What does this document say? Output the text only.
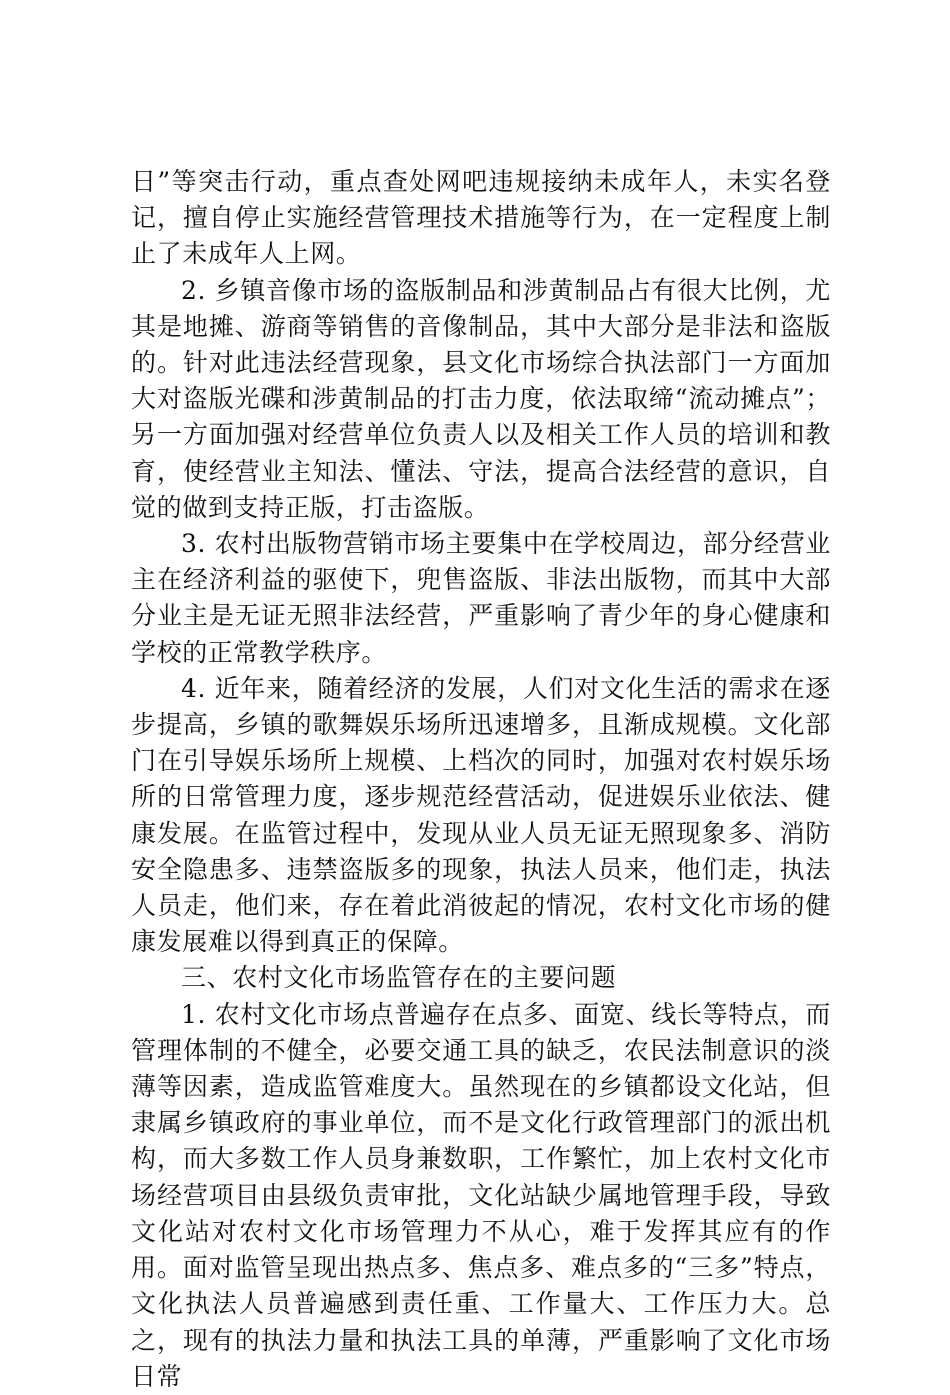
日”等突击行动，重点查处网吧违规接纳未成年人，未实名登记，擅自停止实施经营管理技术措施等行为，在一定程度上制止了未成年人上网。

2. 乡镇音像市场的盗版制品和涉黄制品占有很大比例，尤其是地摊、游商等销售的音像制品，其中大部分是非法和盗版的。针对此违法经营现象，县文化市场综合执法部门一方面加大对盗版光碟和涉黄制品的打击力度，依法取缔“流动摊点”；另一方面加强对经营单位负责人以及相关工作人员的培训和教育，使经营业主知法、懂法、守法，提高合法经营的意识，自觉的做到支持正版，打击盗版。

3. 农村出版物营销市场主要集中在学校周边，部分经营业主在经济利益的驱使下，兜售盗版、非法出版物，而其中大部分业主是无证无照非法经营，严重影响了青少年的身心健康和学校的正常教学秩序。

4. 近年来，随着经济的发展，人们对文化生活的需求在逐步提高，乡镇的歌舞娱乐场所迅速增多，且渐成规模。文化部门在引导娱乐场所上规模、上档次的同时，加强对农村娱乐场所的日常管理力度，逐步规范经营活动，促进娱乐业依法、健康发展。在监管过程中，发现从业人员无证无照现象多、消防安全隐患多、违禁盗版多的现象，执法人员来，他们走，执法人员走，他们来，存在着此消彼起的情况，农村文化市场的健康发展难以得到真正的保障。

三、农村文化市场监管存在的主要问题

1. 农村文化市场点普遍存在点多、面宽、线长等特点，而管理体制的不健全，必要交通工具的缺乏，农民法制意识的淡薄等因素，造成监管难度大。虽然现在的乡镇都设文化站，但隶属乡镇政府的事业单位，而不是文化行政管理部门的派出机构，而大多数工作人员身兼数职，工作繁忙，加上农村文化市场经营项目由县级负责审批，文化站缺少属地管理手段，导致文化站对农村文化市场管理力不从心，难于发挥其应有的作用。面对监管呈现出热点多、焦点多、难点多的“三多”特点，文化执法人员普遍感到责任重、工作量大、工作压力大。总之，现有的执法力量和执法工具的单薄，严重影响了文化市场日常
